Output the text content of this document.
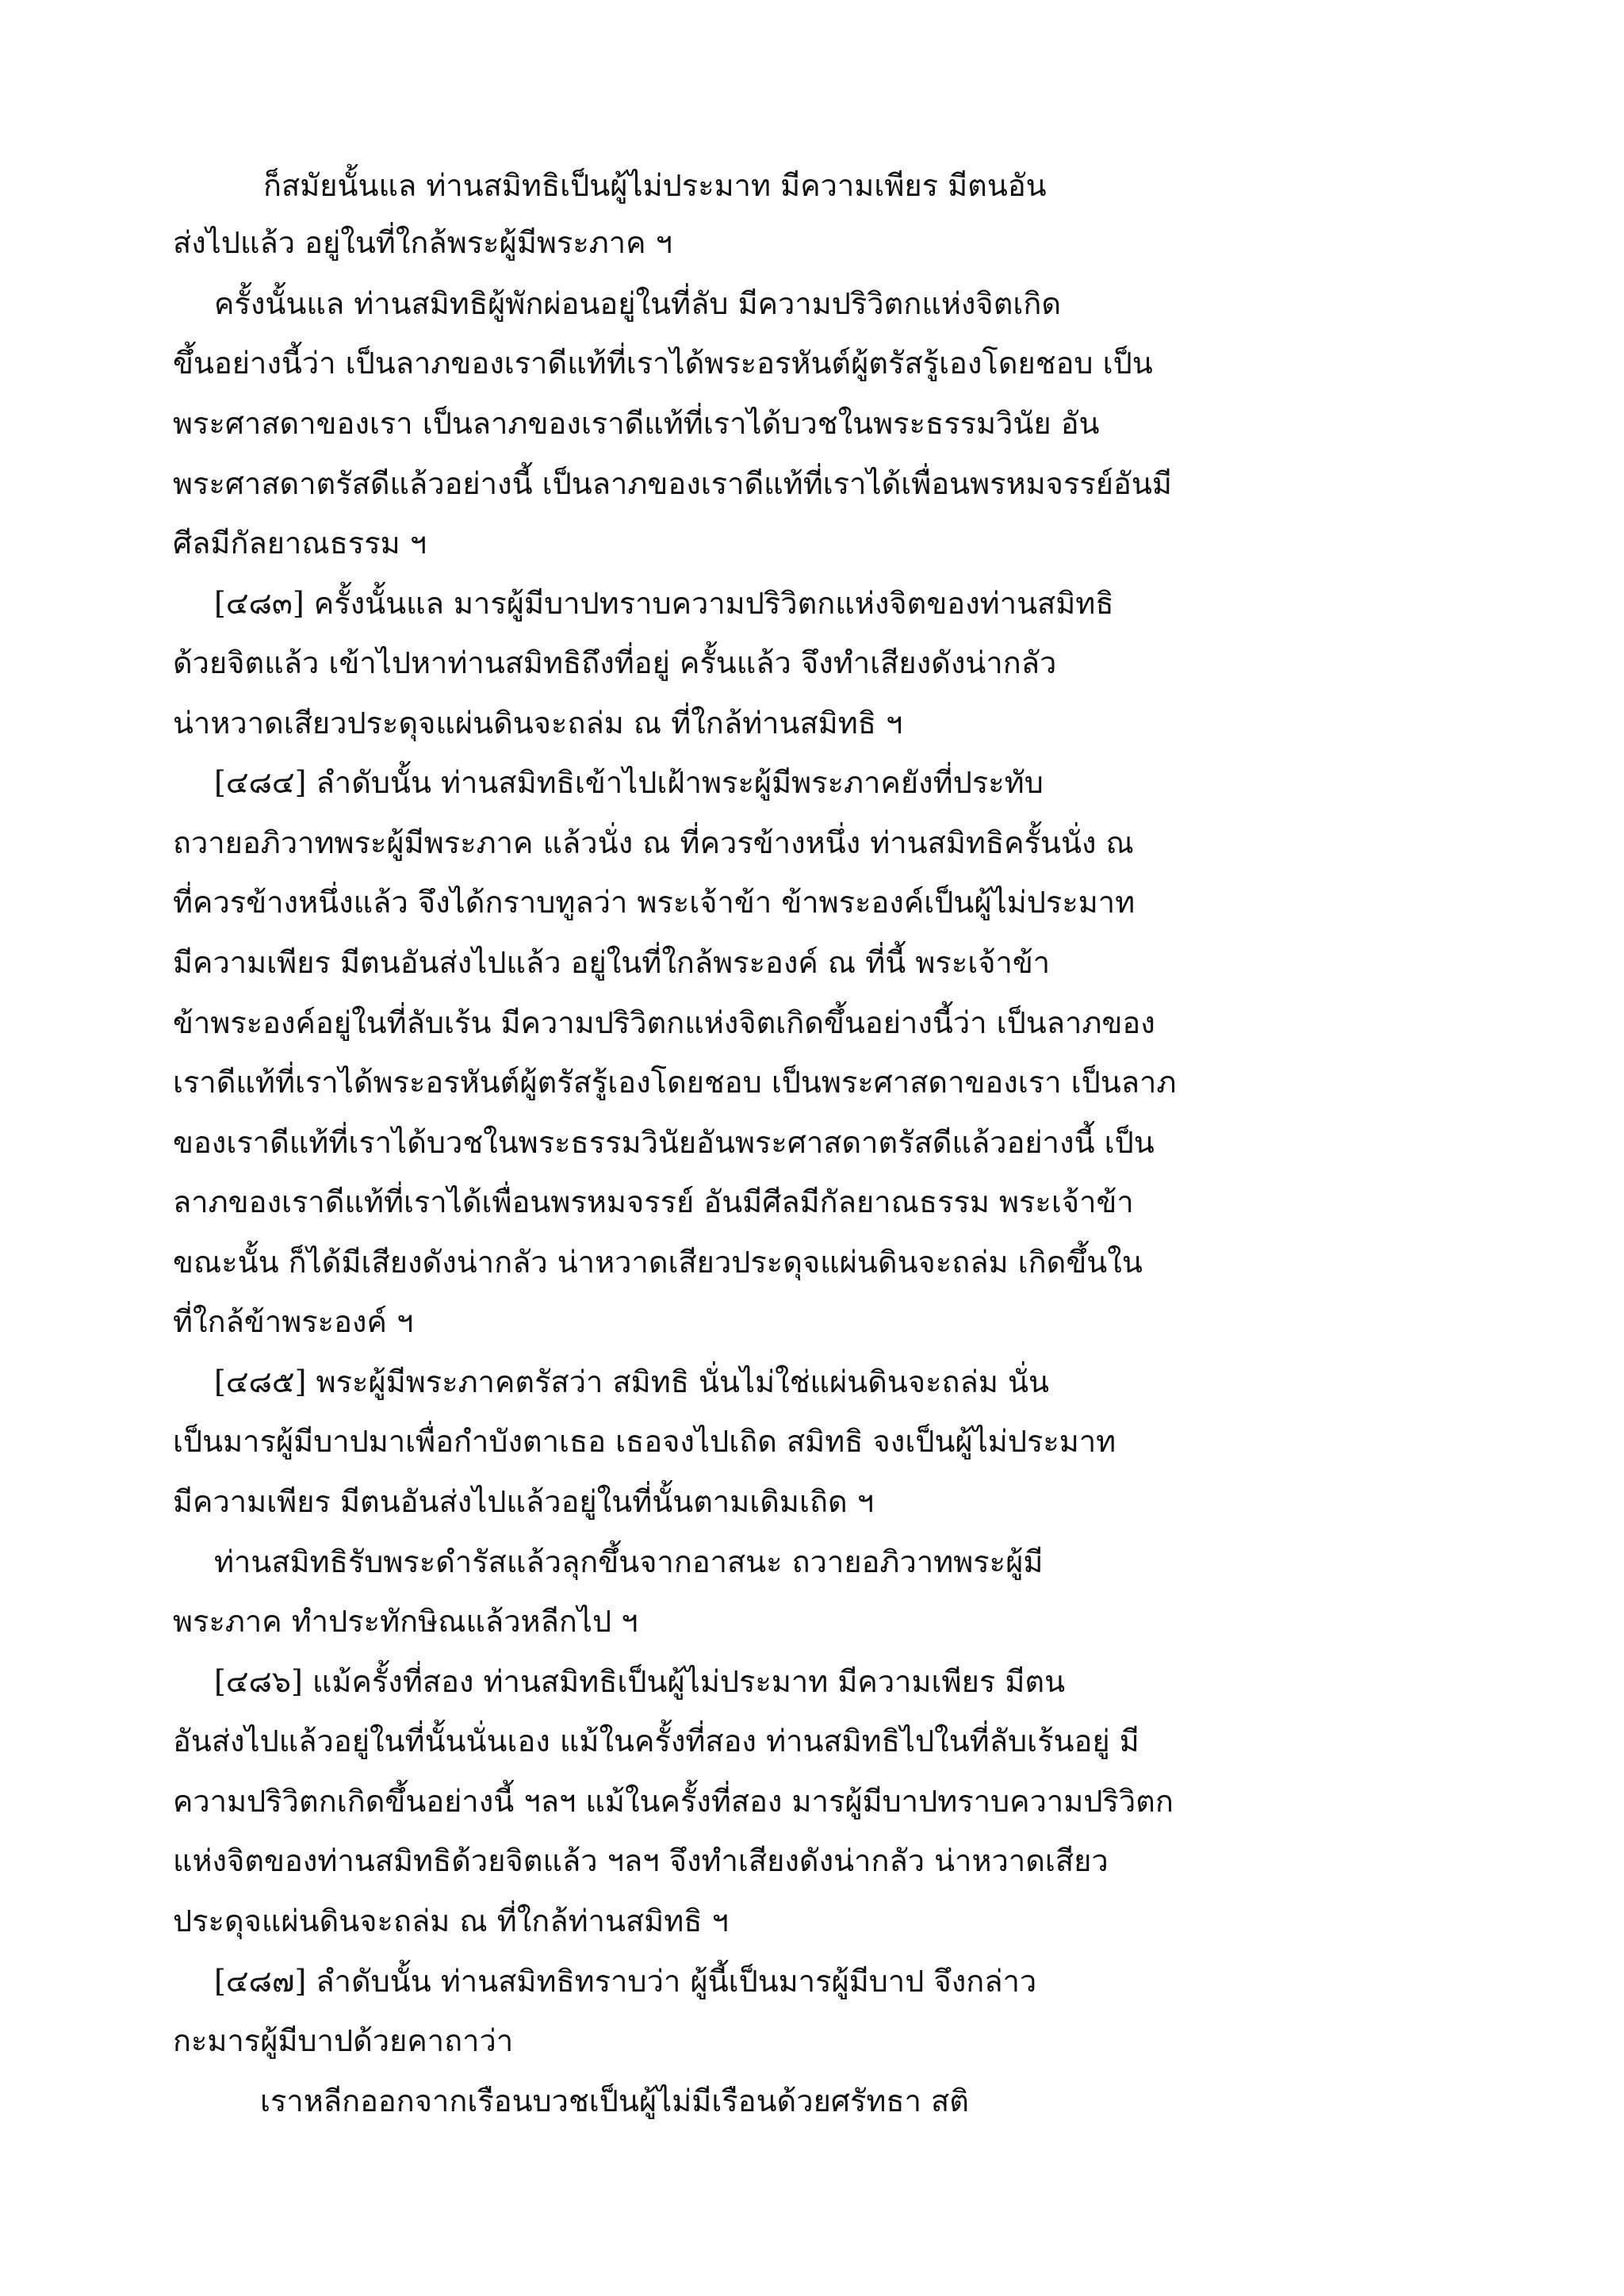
ก็สมัยนั้นแล ท่านสมิทธิเป็นผู้ไม่ประมาท มีความเพียร มีตนอัน
ส่งไปแล้ว อยู่ในที่ใกล้พระผู้มีพระภาค ฯ
ครั้งนั้นแล ท่านสมิทธิผู้พักผ่อนอยู่ในที่ลับ มีความปริวิตกแห่งจิตเกิด
ขึ้นอย่างนี้ว่า เป็นลาภของเราดีแท้ที่เราได้พระอรหันต์ผู้ตรัสรู้เองโดยชอบ เป็น
พระศาสดาของเรา เป็นลาภของเราดีแท้ที่เราได้บวชในพระธรรมวินัย อัน
พระศาสดาตรัสดีแล้วอย่างนี้ เป็นลาภของเราดีแท้ที่เราได้เพื่อนพรหมจรรย์อันมี
ศีลมีกัลยาณธรรม ฯ
[๔๘๓] ครั้งนั้นแล มารผู้มีบาปทราบความปริวิตกแห่งจิตของท่านสมิทธิ
ด้วยจิตแล้ว เข้าไปหาท่านสมิทธิถึงที่อยู่ ครั้นแล้ว จึงทำเสียงดังน่ากลัว
น่าหวาดเสียวประดุจแผ่นดินจะถล่ม ณ ที่ใกล้ท่านสมิทธิ ฯ
[๔๘๔] ลำดับนั้น ท่านสมิทธิเข้าไปเฝ้าพระผู้มีพระภาคยังที่ประทับ
ถวายอภิวาทพระผู้มีพระภาค แล้วนั่ง ณ ที่ควรข้างหนึ่ง ท่านสมิทธิครั้นนั่ง ณ
ที่ควรข้างหนึ่งแล้ว จึงได้กราบทูลว่า พระเจ้าข้า ข้าพระองค์เป็นผู้ไม่ประมาท
มีความเพียร มีตนอันส่งไปแล้ว อยู่ในที่ใกล้พระองค์ ณ ที่นี้ พระเจ้าข้า
ข้าพระองค์อยู่ในที่ลับเร้น มีความปริวิตกแห่งจิตเกิดขึ้นอย่างนี้ว่า เป็นลาภของ
เราดีแท้ที่เราได้พระอรหันต์ผู้ตรัสรู้เองโดยชอบ เป็นพระศาสดาของเรา เป็นลาภ
ของเราดีแท้ที่เราได้บวชในพระธรรมวินัยอันพระศาสดาตรัสดีแล้วอย่างนี้ เป็น
ลาภของเราดีแท้ที่เราได้เพื่อนพรหมจรรย์ อันมีศีลมีกัลยาณธรรม พระเจ้าข้า
ขณะนั้น ก็ได้มีเสียงดังน่ากลัว น่าหวาดเสียวประดุจแผ่นดินจะถล่ม เกิดขึ้นใน
ที่ใกล้ข้าพระองค์ ฯ
[๔๘๕] พระผู้มีพระภาคตรัสว่า สมิทธิ นั่นไม่ใช่แผ่นดินจะถล่ม นั่น
เป็นมารผู้มีบาปมาเพื่อกำบังตาเธอ เธอจงไปเถิด สมิทธิ จงเป็นผู้ไม่ประมาท
มีความเพียร มีตนอันส่งไปแล้วอยู่ในที่นั้นตามเดิมเถิด ฯ
ท่านสมิทธิรับพระดำรัสแล้วลุกขึ้นจากอาสนะ ถวายอภิวาทพระผู้มี
พระภาค ทำประทักษิณแล้วหลีกไป ฯ
[๔๘๖] แม้ครั้งที่สอง ท่านสมิทธิเป็นผู้ไม่ประมาท มีความเพียร มีตน
อันส่งไปแล้วอยู่ในที่นั้นนั่นเอง แม้ในครั้งที่สอง ท่านสมิทธิไปในที่ลับเร้นอยู่ มี
ความปริวิตกเกิดขึ้นอย่างนี้ ฯลฯ แม้ในครั้งที่สอง มารผู้มีบาปทราบความปริวิตก
แห่งจิตของท่านสมิทธิด้วยจิตแล้ว ฯลฯ จึงทำเสียงดังน่ากลัว น่าหวาดเสียว
ประดุจแผ่นดินจะถล่ม ณ ที่ใกล้ท่านสมิทธิ ฯ
[๔๘๗] ลำดับนั้น ท่านสมิทธิทราบว่า ผู้นี้เป็นมารผู้มีบาป จึงกล่าว
กะมารผู้มีบาปด้วยคาถาว่า
เราหลีกออกจากเรือนบวชเป็นผู้ไม่มีเรือนด้วยศรัทธา สติ
